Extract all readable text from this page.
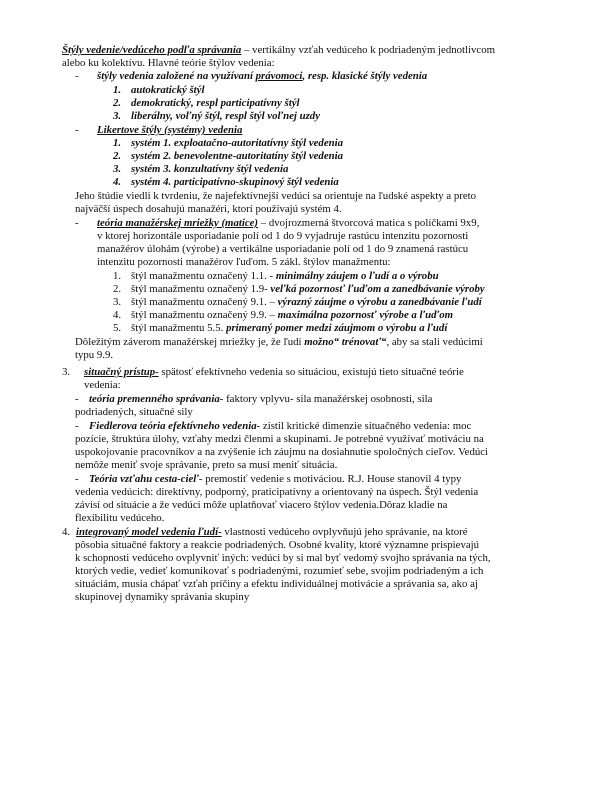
Štýly vedenie/vedúceho podľa správania – vertikálny vzťah vedúceho k podriadeným jednotlivcom
alebo ku kolektívu. Hlavné teórie štýlov vedenia:
- štýly vedenia založené na využívaní právomoci, resp. klasické štýly vedenia
1. autokratický štýl
2. demokratický, respl participatívny štýl
3. liberálny, voľný štýl, respl štýl voľnej uzdy
- Likertove štýly (systémy) vedenia
1. systém 1. exploatačno-autoritatívny štýl vedenia
2. systém 2. benevolentne-autoritatíny štýl vedenia
3. systém 3. konzultatívny štýl vedenia
4. systém 4. participatívno-skupinový štýl vedenia
Jeho štúdie viedli k tvrdeniu, že najefektívnejší vedúci sa orientuje na ľudské aspekty a preto
najväčší úspech dosahujú manažéri, ktorí používajú systém 4.
- teória manažérskej mriežky (matice) – dvojrozmerná štvorcová matica s políčkami 9x9,
v ktorej horizontále usporiadanie polí od 1 do 9 vyjadruje rastúcu intenzitu pozornosti
manažérov úlohám (výrobe) a vertikálne usporiadanie polí od 1 do 9 znamená rastúcu
intenzitu pozornosti manažérov ľuďom. 5 zákl. štýlov manažmentu:
1. štýl manažmentu označený 1.1. - minimálny záujem o ľudí a o výrobu
2. štýl manažmentu označený 1.9- veľká pozornosť ľuďom a zanedbávanie výroby
3. štýl manažmentu označený 9.1. – výrazný záujme o výrobu a zanedbávanie ľudí
4. štýl manažmentu označený 9.9. – maximálna pozornosť výrobe a ľuďom
5. štýl manažmentu 5.5. primeraný pomer medzi záujmom o výrobu a ľudí
Dôležitým záverom manažérskej mriežky je, že ľudí možno“ trénovať“, aby sa stali vedúcimi
typu 9.9.
3. situačný prístup- spätosť efektívneho vedenia so situáciou, existujú tieto situačné teórie
vedenia:
- teória premenného správania- faktory vplyvu- sila manažérskej osobnosti, sila
podriadených, situačné sily
- Fiedlerova teória efektívneho vedenia- zistil kritické dimenzie situačného vedenia: moc
pozície, štruktúra úlohy, vzťahy medzi členmi a skupinami. Je potrebné využívať motiváciu na
uspokojovanie pracovníkov a na zvýšenie ich záujmu na dosiahnutie spoločných cieľov. Vedúci
nemôže meniť svoje správanie, preto sa musí meniť situácia.
- Teória vzťahu cesta-cieľ- premostiť vedenie s motiváciou. R.J. House stanovil 4 typy
vedenia vedúcich: direktívny, podporný, praticipatívny a orientovaný na úspech. Štýl vedenia
závisí od situácie a že vedúci môže uplatňovať viacero štýlov vedenia.Dôraz kladie na
flexibilitu vedúceho.
4. integrovaný model vedenia ľudí- vlastnosti vedúceho ovplyvňujú jeho správanie, na ktoré
pôsobia situačné faktory a reakcie podriadených. Osobné kvality, ktoré významne prispievajú
k schopnosti vedúceho ovplyvniť iných: vedúci by si mal byť vedomý svojho správania na tých,
ktorých vedie, vedieť komunikovať s podriadenými, rozumieť sebe, svojim podriadeným a ich
situáciám, musia chápať vzťah príčiny a efektu individuálnej motivácie a správania sa, ako aj
skupinovej dynamiky správania skupiny
